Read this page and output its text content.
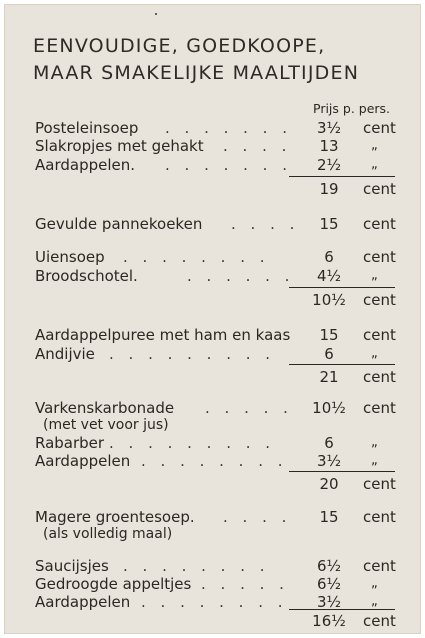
EENVOUDIGE, GOEDKOOPE,
MAAR SMAKELIJKE MAALTIJDEN
Prijs p. pers.
Posteleinsoep . . . . . . .	3½	cent
Slakropjes met gehakt . . . .	13	„
Aardappelen. . . . . . . .	2½	„
19	cent
Gevulde pannekoeken . . . .	15	cent
Uiensoep . . . . . . . .	6	cent
Broodschotel.	. . . . . .	4½	„
10½	cent
Aardappelpuree met ham en kaas	15	cent
Andijvie . . . . . . . . .	6	„
21	cent
Varkenskarbonade . . . . .	10½	cent
(met vet voor jus)
Rabarber . . . . . . . . .	6	„
Aardappelen . . . . . . . .	3½	„
20	cent
Magere groentesoep. . . . .	15	cent
(als volledig maal)
Saucijsjes . . . . . . . .	6½	cent
Gedroogde appeltjes . . . . .	6½	„
Aardappelen . . . . . . . .	3½	„
16½	cent
